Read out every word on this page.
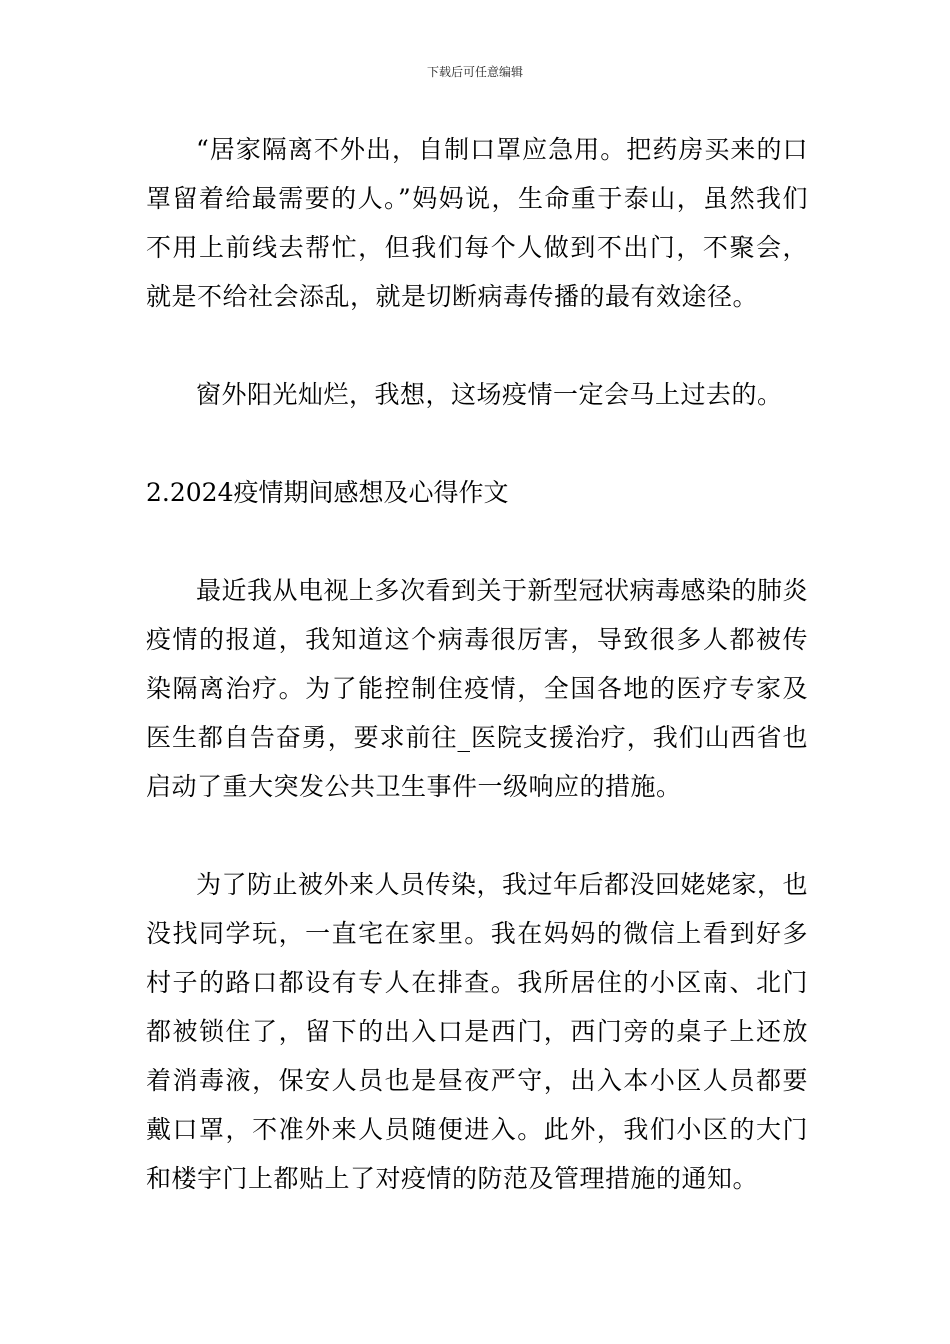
下载后可任意编辑

“居家隔离不外出，自制口罩应急用。把药房买来的口罩留着给最需要的人。”妈妈说，生命重于泰山，虽然我们不用上前线去帮忙，但我们每个人做到不出门，不聚会，就是不给社会添乱，就是切断病毒传播的最有效途径。

窗外阳光灿烂，我想，这场疫情一定会马上过去的。

2.2024疫情期间感想及心得作文

最近我从电视上多次看到关于新型冠状病毒感染的肺炎疫情的报道，我知道这个病毒很厉害，导致很多人都被传染隔离治疗。为了能控制住疫情，全国各地的医疗专家及医生都自告奋勇，要求前往_医院支援治疗，我们山西省也启动了重大突发公共卫生事件一级响应的措施。

为了防止被外来人员传染，我过年后都没回姥姥家，也没找同学玩，一直宅在家里。我在妈妈的微信上看到好多村子的路口都设有专人在排查。我所居住的小区南、北门都被锁住了，留下的出入口是西门，西门旁的桌子上还放着消毒液，保安人员也是昼夜严守，出入本小区人员都要戴口罩，不准外来人员随便进入。此外，我们小区的大门和楼宇门上都贴上了对疫情的防范及管理措施的通知。
